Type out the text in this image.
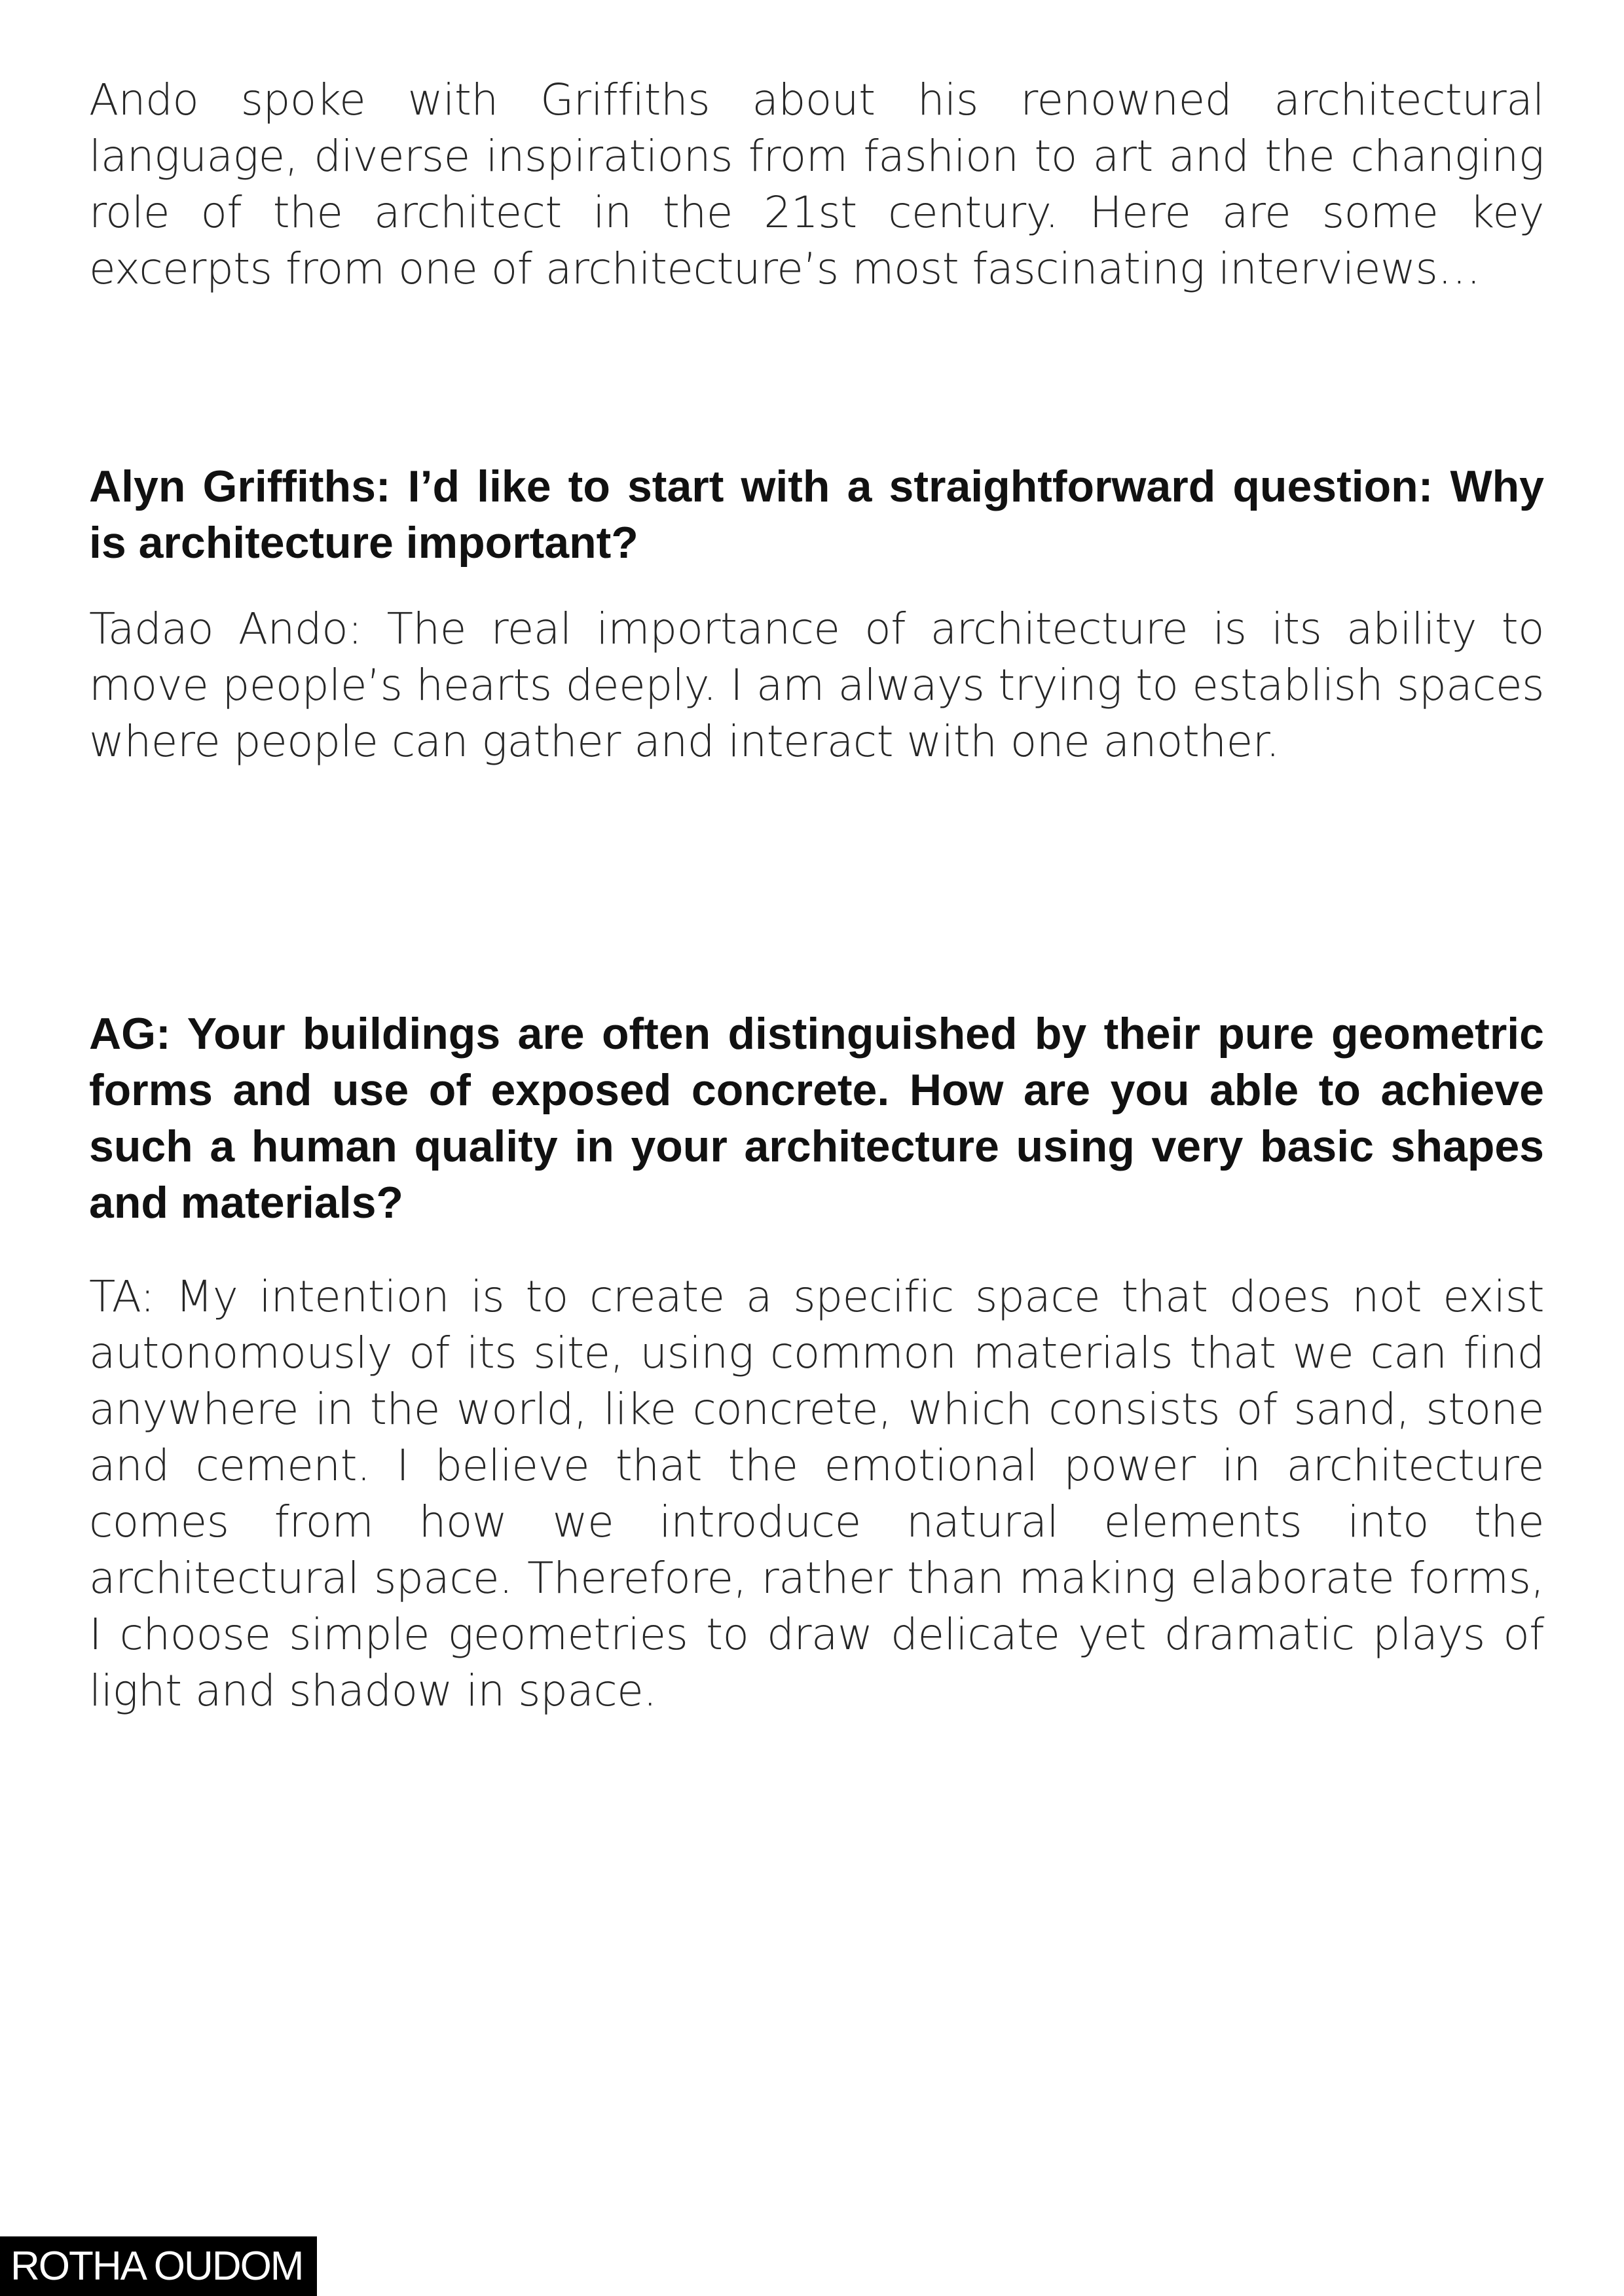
Ando spoke with Griffiths about his renowned architectural language, diverse inspirations from fashion to art and the changing role of the architect in the 21st century. Here are some key excerpts from one of architecture’s most fascinating interviews…

Alyn Griffiths: I’d like to start with a straightforward question: Why is architecture important?

Tadao Ando: The real importance of architecture is its ability to move people’s hearts deeply. I am always trying to establish spaces where people can gather and interact with one another.

AG: Your buildings are often distinguished by their pure geometric forms and use of exposed concrete. How are you able to achieve such a human quality in your architecture using very basic shapes and materials?

TA: My intention is to create a specific space that does not exist autonomously of its site, using common materials that we can find anywhere in the world, like concrete, which consists of sand, stone and cement. I believe that the emotional power in architecture comes from how we introduce natural elements into the architectural space. Therefore, rather than making elaborate forms, I choose simple geometries to draw delicate yet dramatic plays of light and shadow in space.

ROTHA OUDOM
